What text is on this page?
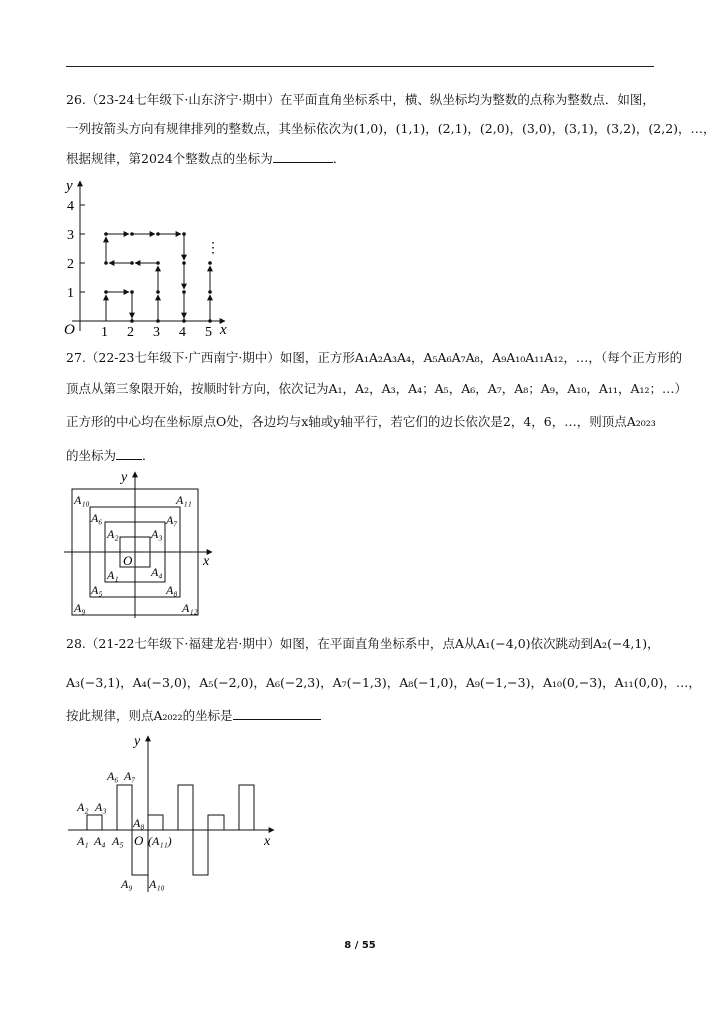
26.（23-24七年级下·山东济宁·期中）在平面直角坐标系中，横、纵坐标均为整数的点称为整数点．如图，
一列按箭头方向有规律排列的整数点，其坐标依次为(1,0)，(1,1)，(2,1)，(2,0)，(3,0)，(3,1)，(3,2)，(2,2)，…，
根据规律，第2024个整数点的坐标为	．
y
x
O 1 2 3 4 5
1
2
3
4
⋮
27.（22-23七年级下·广西南宁·期中）如图，正方形A₁A₂A₃A₄，A₅A₆A₇A₈，A₉A₁₀A₁₁A₁₂，…，（每个正方形的
顶点从第三象限开始，按顺时针方向，依次记为A₁，A₂，A₃，A₄；A₅，A₆，A₇，A₈；A₉，A₁₀，A₁₁，A₁₂；…）
正方形的中心均在坐标原点O处，各边均与x轴或y轴平行，若它们的边长依次是2，4，6，…，则顶点A₂₀₂₃
的坐标为 ．
y
x
O
A₁
A₂	A₃
A₄
A₅
A₆	A₇
A₈
A₉
A₁₀	A₁₁
A₁₂
28.（21-22七年级下·福建龙岩·期中）如图，在平面直角坐标系中，点A从A₁(−4,0)依次跳动到A₂(−4,1)，
A₃(−3,1)，A₄(−3,0)，A₅(−2,0)，A₆(−2,3)，A₇(−1,3)，A₈(−1,0)，A₉(−1,−3)，A₁₀(0,−3)，A₁₁(0,0)，…，
按此规律，则点A₂₀₂₂的坐标是
y
x
O (A₁₁)
A₁
A₂ A₃
A₄ A₅
A₆ A₇
A₈
A₉ A₁₀
8 / 55
